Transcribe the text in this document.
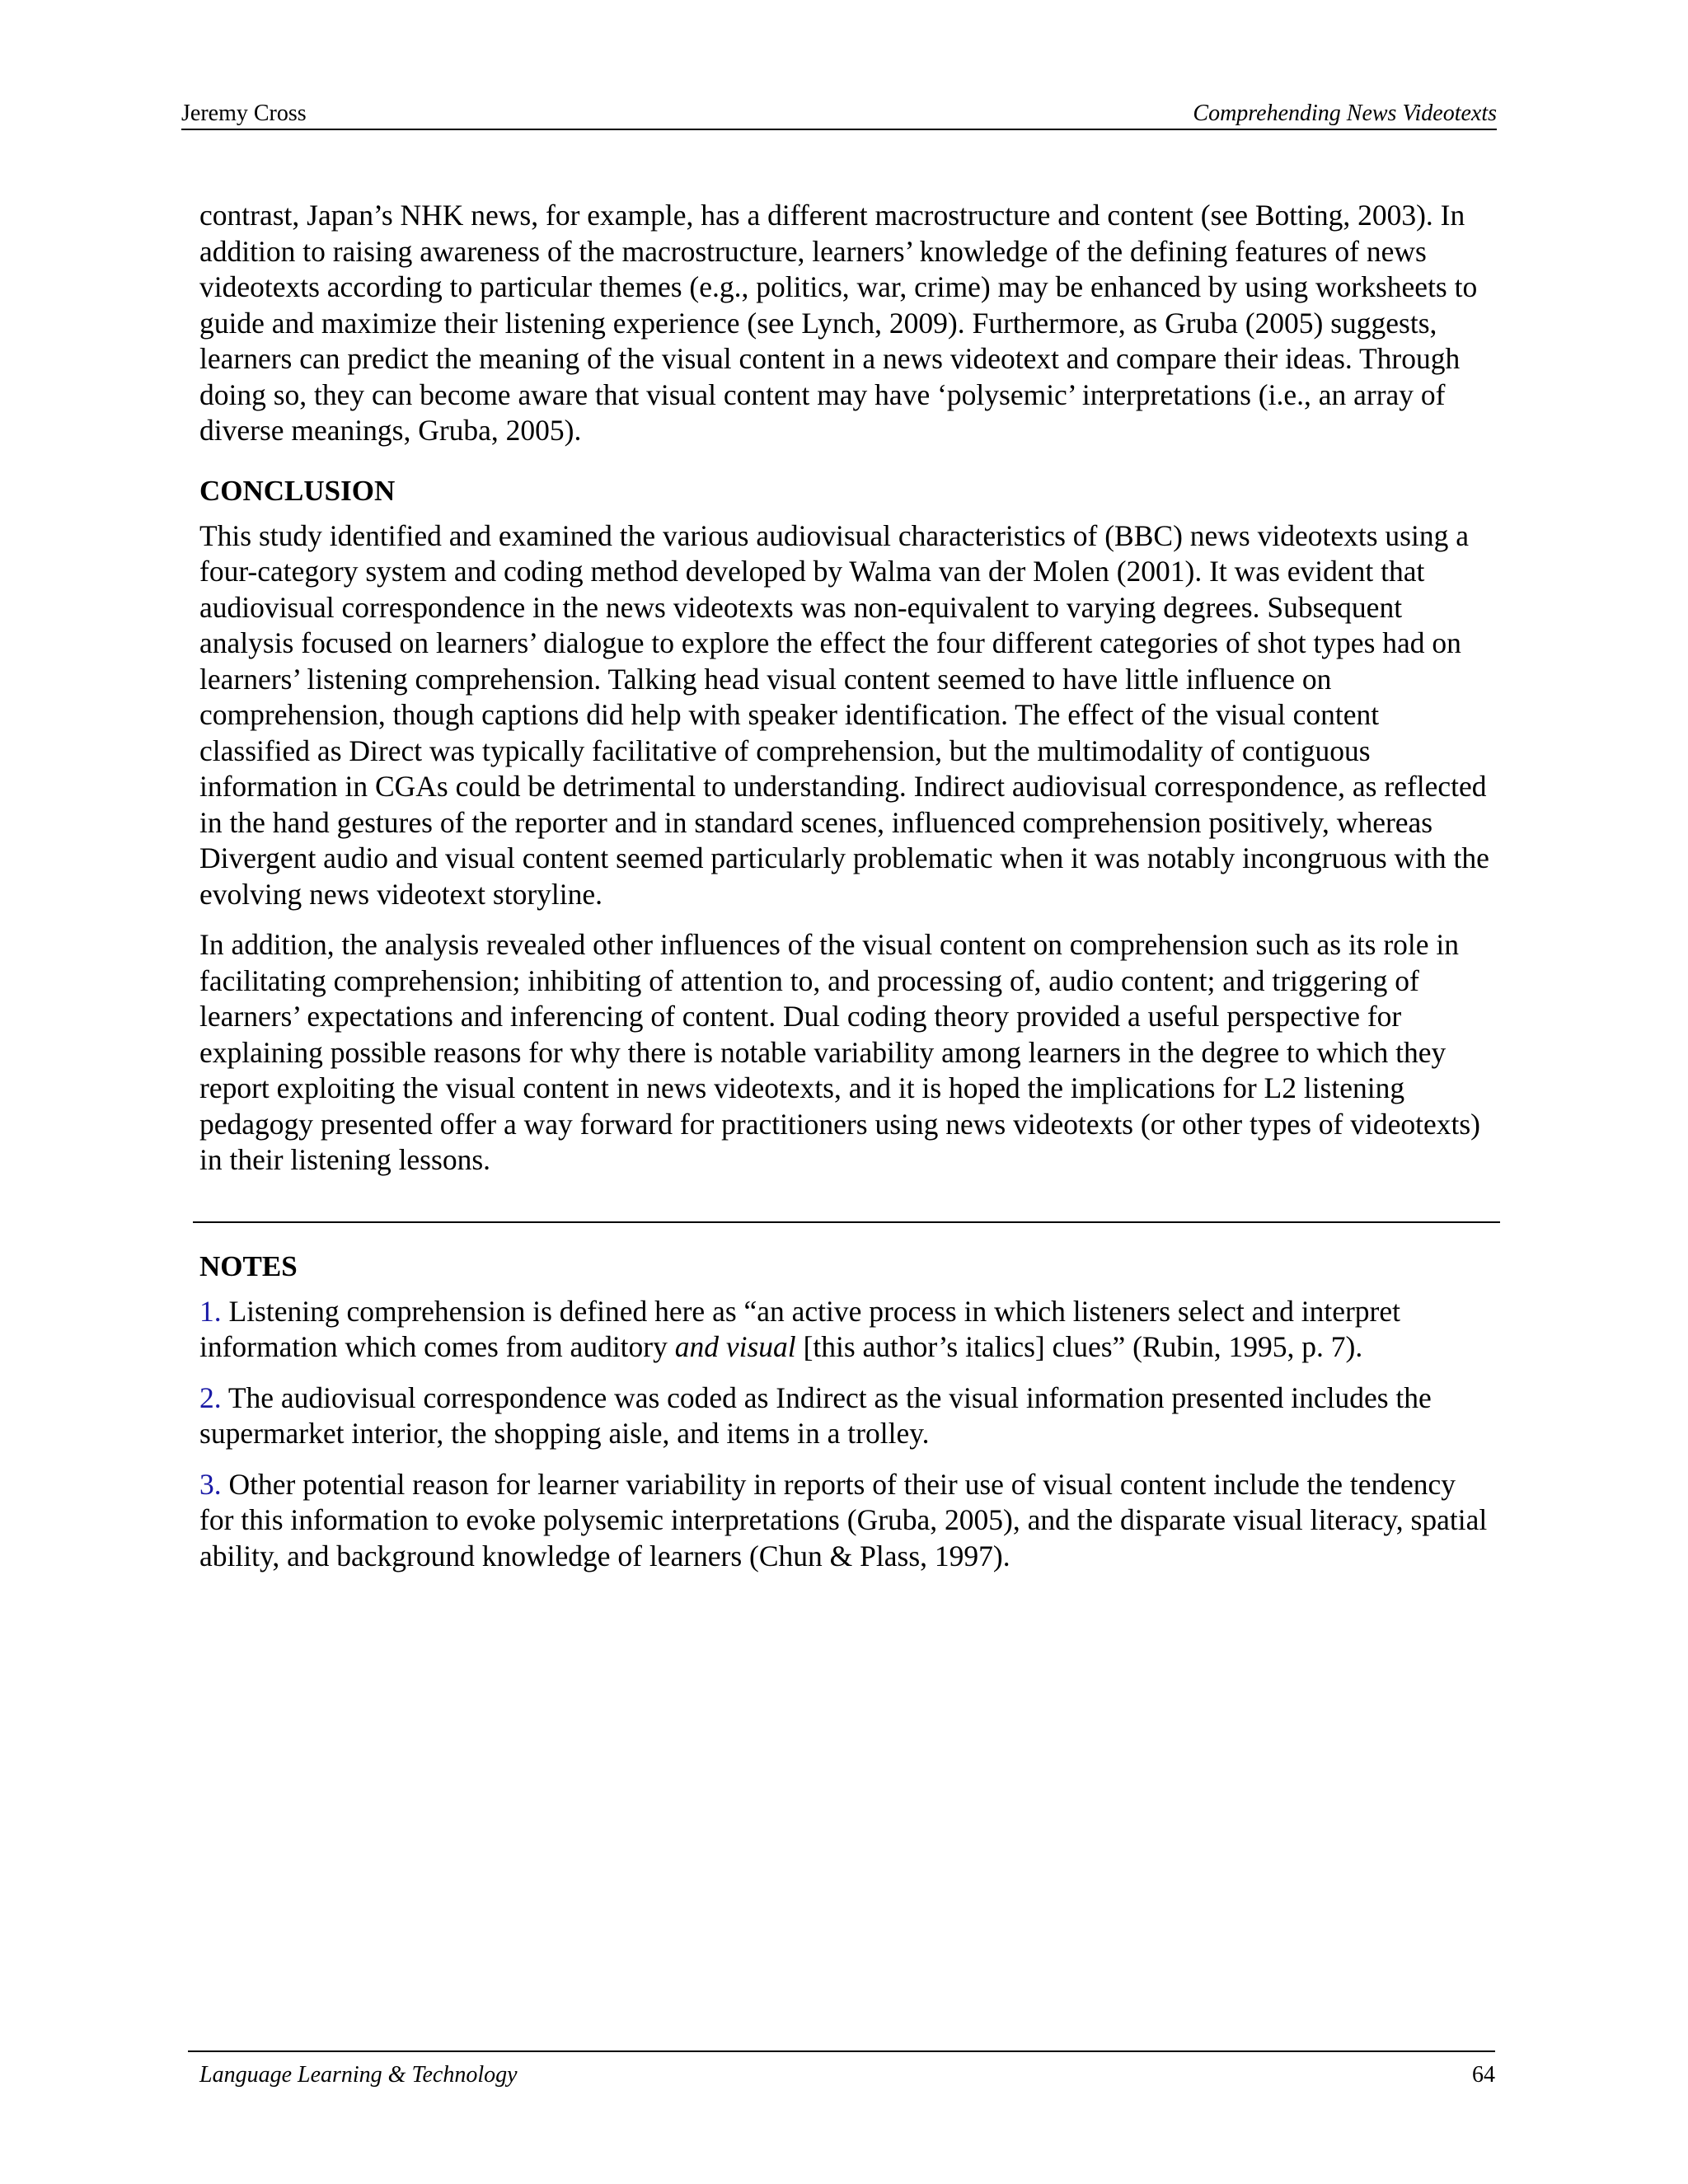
Jeremy Cross	Comprehending News Videotexts

contrast, Japan’s NHK news, for example, has a different macrostructure and content (see Botting, 2003). In addition to raising awareness of the macrostructure, learners’ knowledge of the defining features of news videotexts according to particular themes (e.g., politics, war, crime) may be enhanced by using worksheets to guide and maximize their listening experience (see Lynch, 2009). Furthermore, as Gruba (2005) suggests, learners can predict the meaning of the visual content in a news videotext and compare their ideas. Through doing so, they can become aware that visual content may have ‘polysemic’ interpretations (i.e., an array of diverse meanings, Gruba, 2005).

CONCLUSION

This study identified and examined the various audiovisual characteristics of (BBC) news videotexts using a four-category system and coding method developed by Walma van der Molen (2001). It was evident that audiovisual correspondence in the news videotexts was non-equivalent to varying degrees. Subsequent analysis focused on learners’ dialogue to explore the effect the four different categories of shot types had on learners’ listening comprehension. Talking head visual content seemed to have little influence on comprehension, though captions did help with speaker identification. The effect of the visual content classified as Direct was typically facilitative of comprehension, but the multimodality of contiguous information in CGAs could be detrimental to understanding. Indirect audiovisual correspondence, as reflected in the hand gestures of the reporter and in standard scenes, influenced comprehension positively, whereas Divergent audio and visual content seemed particularly problematic when it was notably incongruous with the evolving news videotext storyline.

In addition, the analysis revealed other influences of the visual content on comprehension such as its role in facilitating comprehension; inhibiting of attention to, and processing of, audio content; and triggering of learners’ expectations and inferencing of content. Dual coding theory provided a useful perspective for explaining possible reasons for why there is notable variability among learners in the degree to which they report exploiting the visual content in news videotexts, and it is hoped the implications for L2 listening pedagogy presented offer a way forward for practitioners using news videotexts (or other types of videotexts) in their listening lessons.

NOTES

1. Listening comprehension is defined here as “an active process in which listeners select and interpret information which comes from auditory and visual [this author’s italics] clues” (Rubin, 1995, p. 7).

2. The audiovisual correspondence was coded as Indirect as the visual information presented includes the supermarket interior, the shopping aisle, and items in a trolley.

3. Other potential reason for learner variability in reports of their use of visual content include the tendency for this information to evoke polysemic interpretations (Gruba, 2005), and the disparate visual literacy, spatial ability, and background knowledge of learners (Chun & Plass, 1997).

Language Learning & Technology	64
